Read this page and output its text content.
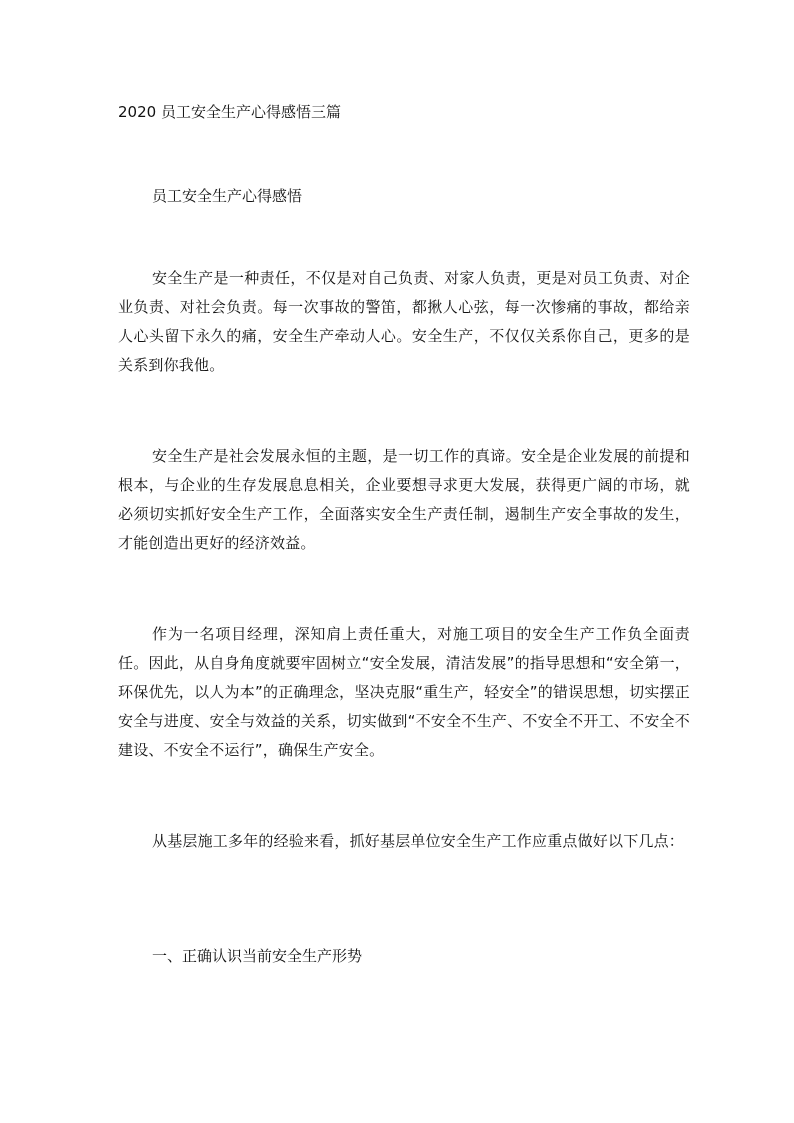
2020 员工安全生产心得感悟三篇
员工安全生产心得感悟

安全生产是一种责任，不仅是对自己负责、对家人负责，更是对员工负责、对企业负责、对社会负责。每一次事故的警笛，都揪人心弦，每一次惨痛的事故，都给亲人心头留下永久的痛，安全生产牵动人心。安全生产，不仅仅关系你自己，更多的是关系到你我他。

安全生产是社会发展永恒的主题，是一切工作的真谛。安全是企业发展的前提和根本，与企业的生存发展息息相关，企业要想寻求更大发展，获得更广阔的市场，就必须切实抓好安全生产工作，全面落实安全生产责任制，遏制生产安全事故的发生，才能创造出更好的经济效益。

作为一名项目经理，深知肩上责任重大，对施工项目的安全生产工作负全面责任。因此，从自身角度就要牢固树立“安全发展，清洁发展”的指导思想和“安全第一，环保优先，以人为本”的正确理念，坚决克服“重生产，轻安全”的错误思想，切实摆正安全与进度、安全与效益的关系，切实做到“不安全不生产、不安全不开工、不安全不建设、不安全不运行”，确保生产安全。

从基层施工多年的经验来看，抓好基层单位安全生产工作应重点做好以下几点：

一、正确认识当前安全生产形势
